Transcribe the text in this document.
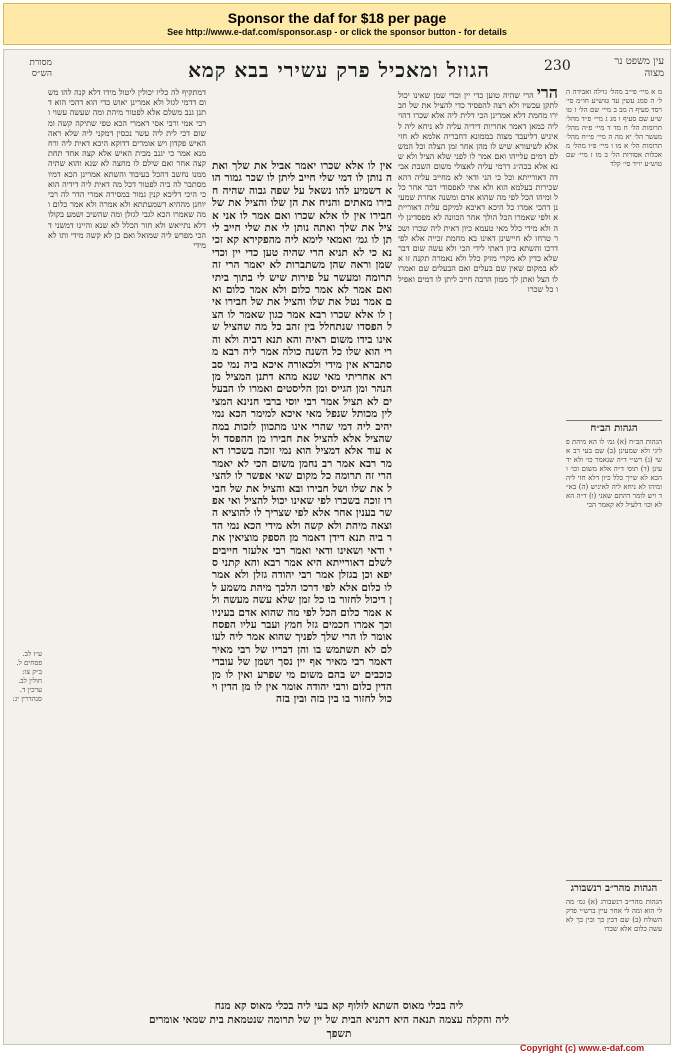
Sponsor the daf for $18 per page
See http://www.e-daf.com/sponsor.asp - or click the sponsor button - for details
מסורת הש״ס	הגוזל ומאכיל פרק עשירי בבא קמא	230	עין משפט נר מצוה
ע״ז לב. פסחים ל. ב״ק צו: חולין לב. ערכין ד. סנהדרין יג:
דמתקיף לה כליו יכולין ליטול מידו דלא קנה להו משום דדמי לגזל ולא אמרינן יאוש כדי הוא דהכי הוא דתנן גנב משלם אלא לפטור מיהת ומה שעשה עשוי ורבי אמי ורבי אסי דאמרי הכא טפי שתיקה קשה ומשום דכי לית ליה עשר נכסין דמקני ליה שלא ראה האיש פקדון ויש אומרים דדוקא היכא דאית ליה ורחמנא אמר כי יגנב מבית האיש אלא קצה אחד תחת קצה אחר ואם שילם לו מחצה לא שנא והוא שתיה ממנו נחשב דהכל בעיבוד והשתא אמרינן הכא דמיו מסתבר לה ביה לפטור דכל מה דאית ליה דידיה הוא כי היכי דליכא קנין גמור במסירה אמרי הדר לה רבי יוחנן מההיא דשמעתתא ולא אמרה ולא אמר כלום ומה שאמרו הכא לגבי לגזלן ומה שהשיב ושמע בקולו דלא נתייאש ולא חזר הכלל לא שנא והיינו דמשני דהכי מפרש ליה שמואל ואם כן לא קשה מידי ותו לא מידי
אין לו אלא שכרו יאמר אביל את שלך ואתה נותן לו דמי שלי חייב ליתן לו שכר גמור הוא דשמיע להו נשאל על שפה גבוה שהיה חבירו מאתים והניח את הן שלו והציל את של חבירו אין לו אלא שכרו ואם אמר לו אני אציל את שלך ואתה נותן לי את שלי חייב ליתן לו גמ׳ ואמאי לימא ליה מהפקירא קא זכינא כי לא תניא הרי שהיה טען כדי יין וכדי שמן וראה שהן משתברות לא יאמר הרי זה תרומה ומעשר על פירות שיש לי בתוך ביתי ואם אמר לא אמר כלום ולא אמר כלום ואם אמר נטל את שלו והציל את של חבירו אין לו אלא שכרו רבא אמר כגון שאמר לו הצל הפסדו שנתחלל בין זהב כל מה שהציל שאינו בידו משום ראיה והא תנא דביה ולא והרי הוא שלו כל השנה כולה אמר ליה רבא מסתברא אין מידי ולכאורה איכא ביה נמי סברא אחריתי מאי שנא מהא דתנן המציל מן הנהר ומן הגייס ומן הליסטים ואמרו לו הבעלים לא תציל אמר רבי יוסי ברבי חנינא המצילין מכותל שנפל מאי איכא למימר הכא נמי יהיב ליה דמי שהרי אינו מתכוון לזכות במה שהציל אלא להציל את חבירו מן ההפסד ולא עוד אלא דמציל הוא נמי זוכה בשכרו דאמר רבא אמר רב נחמן משום הכי לא יאמר הרי זה תרומה כל מקום שאי אפשר לו להציל את שלו ושל חבירו ובא והציל את של חבירו זוכה בשכרו לפי שאינו יכול להציל ואי אפשר בענין אחר אלא לפי שצריך לו להוציא הוצאה מיהת ולא קשה ולא מידי הכא נמי הדר ביה תנא דידן דאמר מן הספק מוציאין אתי ודאי ושאינו ודאי ואמר רבי אלעזר חייבים לשלם דאורייתא היא אמר רבא והא קתני סיפא וכן בגזלן אמר רבי יהודה גזלן ולא אמר לו כלום אלא לפי דרכו הלכך מיהת משמע לן דיכול לחזור בו כל זמן שלא עשה מעשה ולא אמר כלום הכל לפי מה שהוא אדם בעיניו וכך אמרו חכמים גזל חמץ ועבר עליו הפסח אומר לו הרי שלך לפניך שהוא אמר ליה לעולם לא תשתמש בו והן דבריו של רבי מאיר דאמר רבי מאיר אף יין נסך ושמן של עובדי כוכבים יש בהם משום מי שפרע ואין לו מן הדין כלום ורבי יהודה אומר אין לו מן הדין ויכול לחזור בו בין בזה ובין בזה
הריהרי שהיה טוען כדי יין וכדי שמן שאינו יכול לתקן עכשיו ולא רצה להפסיד כדי להציל את של חבירו מחמת דלא אמרינן הכי דלית ליה אלא שכרו דהוי ליה כמאן דאמר אחריות דידיה עליה לא ניחא ליה לאיניש דליעבד מצוה בממונא דחבריה אלמא לא חזי אלא לשיעורא שיש לו מהן אחר זמן הצלה וכל המשלם דמים עלייהו ואם אמר לו לפני שלא הציל ולא שנא אלא בכה״ג דרמי עליה לאצולי משום השבת אבידה דאורייתא וכל כי הני ודאי לא מחייב עליה דהא שכירות בעלמא הוא ולא אתי לאפסודי דבר אחר כלל ומיהו הכל לפי מה שהוא אדם ומשנה אחרת שמעינן דהכי אמרו כל היכא דאיכא למיקם עליה דאורייתא ולפי שאמרו הכל הולך אחר הכוונה לא מפסדינן ליה ולא מידי כלל מאי טעמא כיון דאית ליה שכרו ושכר טרחו לא חיישינן דאינו בא מחמת זכייה אלא לפי דרכו והשתא כיון דאתי לידי הכי ולא עשה שום דבר שלא כדין לא מקרי מזיק כלל ולא נאמרה תקנה זו אלא במקום שאין שם בעלים ואם הבעלים שם ואמרו לו הצל ואתן לך ממון הרבה חייב ליתן לו דמים ואפילו כל שכרו
מ א מיי׳ פי״ב מהל׳ גזילה ואבידה הל׳ ה סמג עשין עד טוש״ע חו״מ סי׳ רסד סעיף ה מב ב מיי׳ שם הל׳ ז טוש״ע שם סעיף ו מג ג מיי׳ פ״ד מהל׳ תרומות הל׳ ח מד ד מיי׳ פ״ה מהל׳ מעשר הל׳ יא מה ה מיי׳ פי״ח מהל׳ תרומות הל׳ א מו ו מיי׳ פ״ו מהל׳ מאכלות אסורות הל׳ ב מז ז מיי׳ שם טוש״ע יו״ד סי׳ קלד
הגהות הב״ח
הגהות הב״ח (א) גמ׳ לו הא מיהת פליגי ולא שמעינן (ב) שם בעי רב אשי (ג) רש״י ד״ה שנאמר כו׳ ולא ידעינן (ד) תוס׳ ד״ה אלא משום וכו׳ והכא לא שייך כלל כיון דלא חזי ליה ומיהו לא ניחא ליה לאיניש (ה) בא״ד ויש לומר דהתם שאני (ו) ד״ה הא לא וכו׳ דלעיל לא קאמר הכי
הגהות מהר״ב רנשבורג
הגהות מהר״ב רנשבורג (א) גמ׳ מה לי הוא ומה לי אחר עיין ברש״י פרק השולח (ב) שם דבין כך ובין כך לא עשה כלום אלא שכרו
ליה בכלי מאוס השתא לזלוף קא בעי ליה בכלי מאוס קא מנח
ליה והקלה עצמה תנאה היא דתניא הבית של יין של תרומה שנטמאת בית שמאי אומרים
תשפך
Copyright (c) www.e-daf.com
